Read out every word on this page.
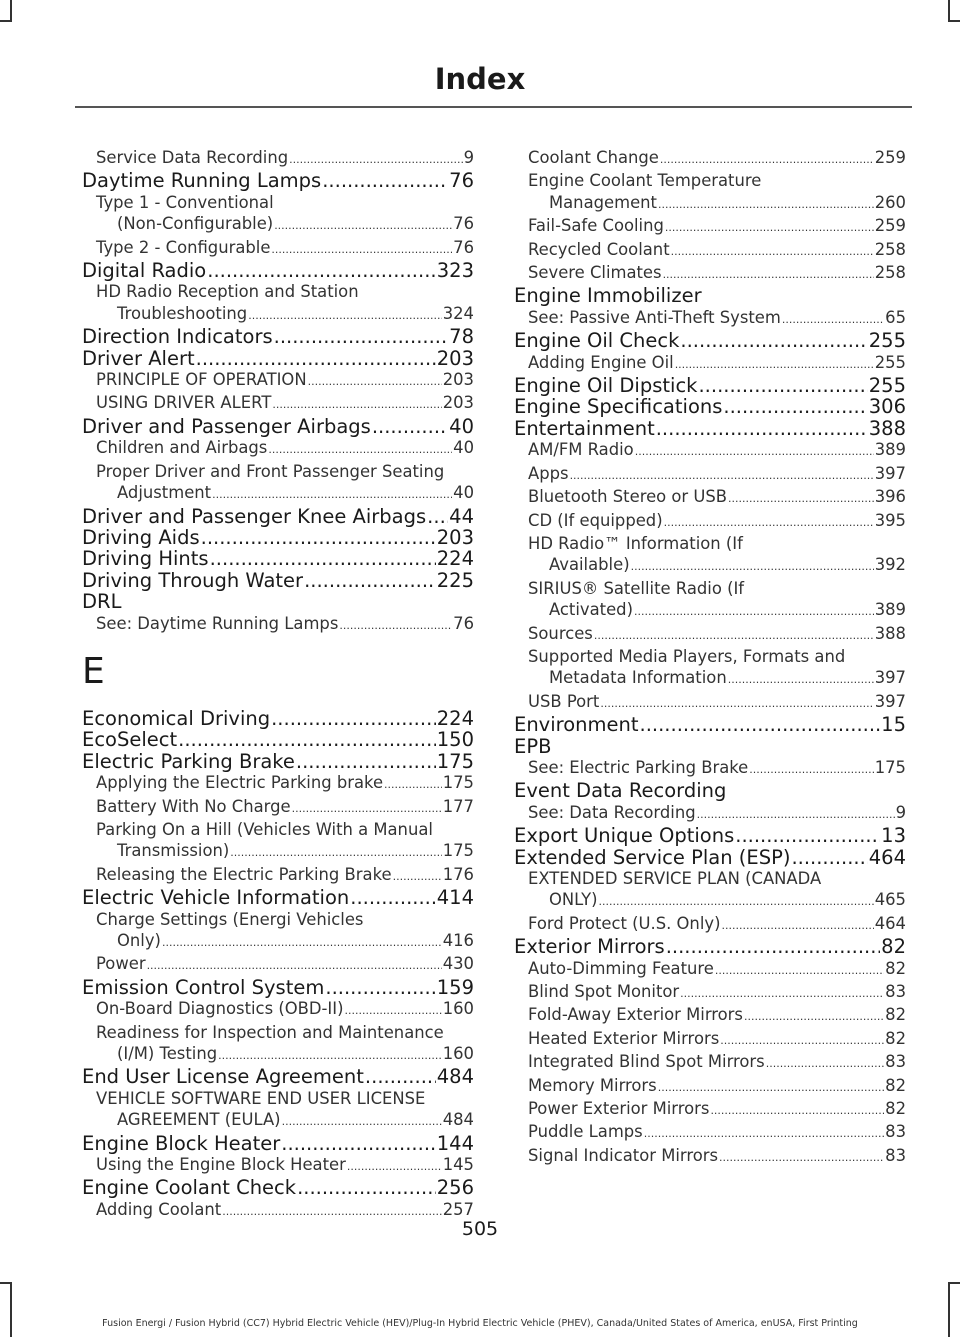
Index
Service Data Recording .....	9
Daytime Running Lamps .....	76
Type 1 - Conventional
(Non-Configurable) .....	76
Type 2 - Configurable .....	76
Digital Radio .....	323
HD Radio Reception and Station
Troubleshooting .....	324
Direction Indicators .....	78
Driver Alert .....	203
PRINCIPLE OF OPERATION .....	203
USING DRIVER ALERT .....	203
Driver and Passenger Airbags .....	40
Children and Airbags .....	40
Proper Driver and Front Passenger Seating
Adjustment .....	40
Driver and Passenger Knee Airbags ..... 44
Driving Aids .....	203
Driving Hints .....	224
Driving Through Water .....	225
DRL
See: Daytime Running Lamps .....	76
E
Economical Driving .....	224
EcoSelect .....	150
Electric Parking Brake .....	175
Applying the Electric Parking brake .....	175
Battery With No Charge .....	177
Parking On a Hill (Vehicles With a Manual
Transmission) .....	175
Releasing the Electric Parking Brake .....	176
Electric Vehicle Information .....	414
Charge Settings (Energi Vehicles
Only) .....	416
Power .....	430
Emission Control System .....	159
On-Board Diagnostics (OBD-II) .....	160
Readiness for Inspection and Maintenance
(I/M) Testing .....	160
End User License Agreement .....	484
VEHICLE SOFTWARE END USER LICENSE
AGREEMENT (EULA) .....	484
Engine Block Heater .....	144
Using the Engine Block Heater .....	145
Engine Coolant Check .....	256
Adding Coolant .....	257
Coolant Change .....	259
Engine Coolant Temperature
Management .....	260
Fail-Safe Cooling .....	259
Recycled Coolant .....	258
Severe Climates .....	258
Engine Immobilizer
See: Passive Anti-Theft System .....	65
Engine Oil Check .....	255
Adding Engine Oil .....	255
Engine Oil Dipstick .....	255
Engine Specifications .....	306
Entertainment .....	388
AM/FM Radio .....	389
Apps .....	397
Bluetooth Stereo or USB .....	396
CD (If equipped) .....	395
HD Radio™ Information (If
Available) .....	392
SIRIUS® Satellite Radio (If
Activated) .....	389
Sources .....	388
Supported Media Players, Formats and
Metadata Information .....	397
USB Port .....	397
Environment .....	15
EPB
See: Electric Parking Brake .....	175
Event Data Recording
See: Data Recording .....	9
Export Unique Options .....	13
Extended Service Plan (ESP) .....	464
EXTENDED SERVICE PLAN (CANADA
ONLY) .....	465
Ford Protect (U.S. Only) .....	464
Exterior Mirrors .....	82
Auto-Dimming Feature .....	82
Blind Spot Monitor .....	83
Fold-Away Exterior Mirrors .....	82
Heated Exterior Mirrors .....	82
Integrated Blind Spot Mirrors .....	83
Memory Mirrors .....	82
Power Exterior Mirrors .....	82
Puddle Lamps .....	83
Signal Indicator Mirrors .....	83
505
Fusion Energi / Fusion Hybrid (CC7) Hybrid Electric Vehicle (HEV)/Plug-In Hybrid Electric Vehicle (PHEV), Canada/United States of America, enUSA, First Printing
